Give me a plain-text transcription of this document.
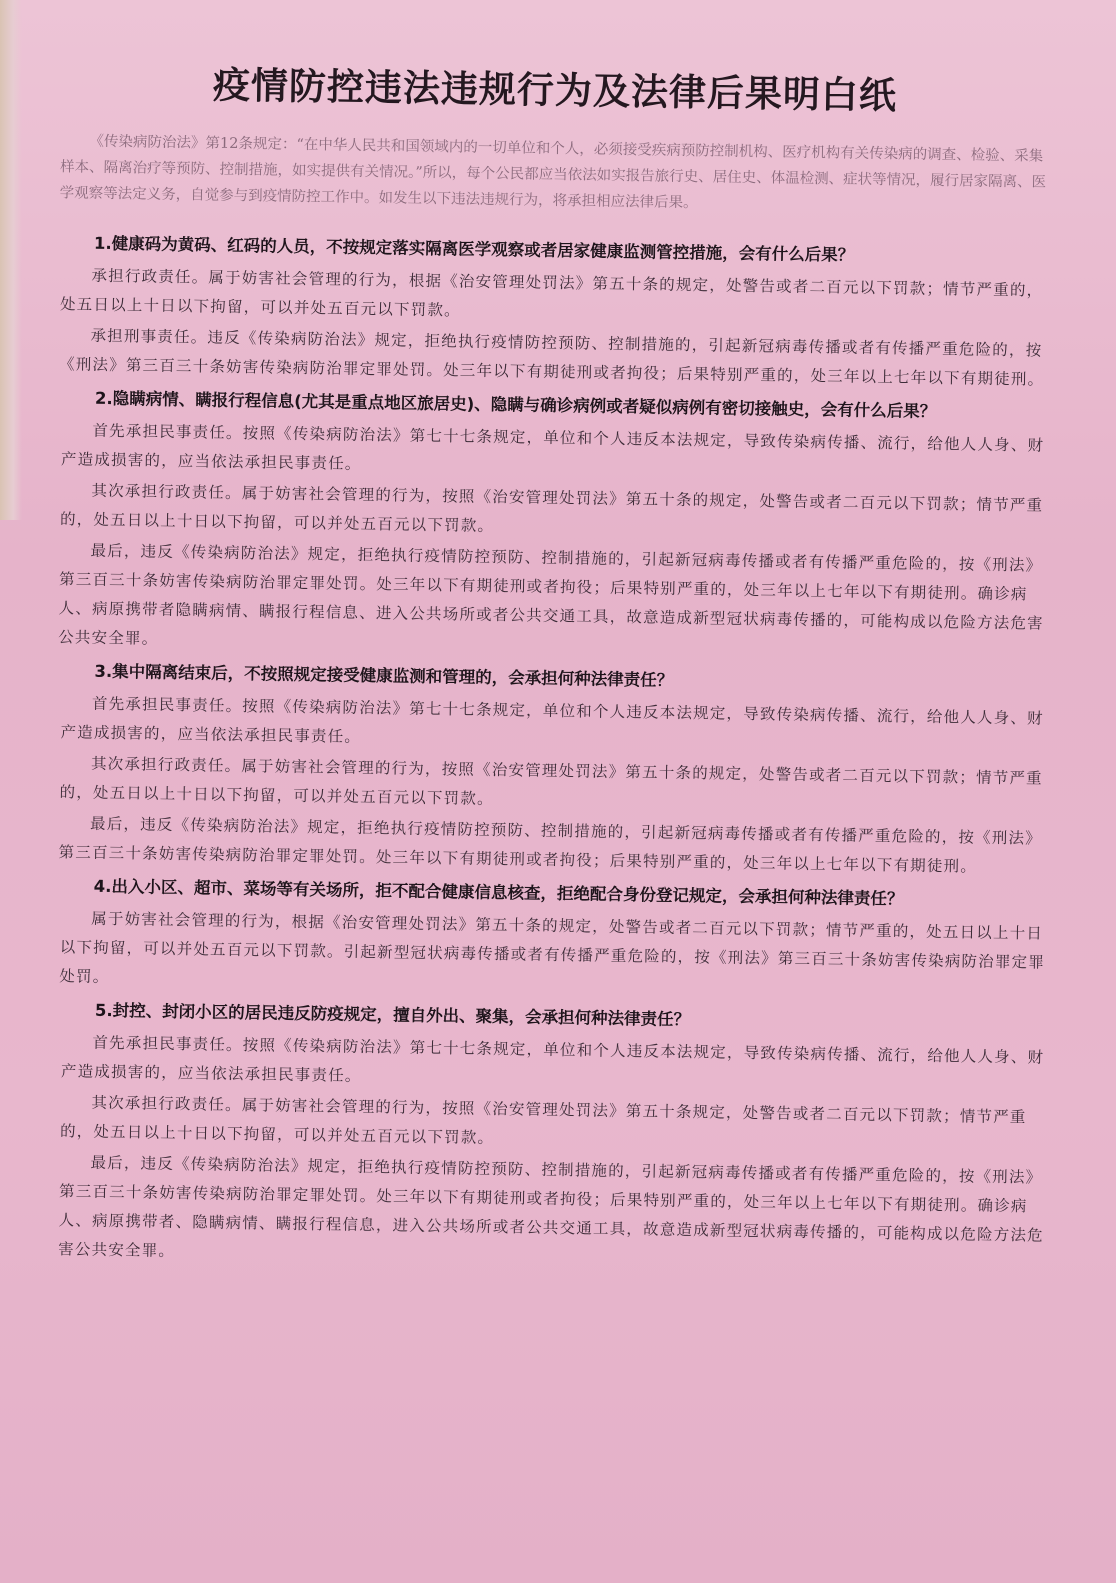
疫情防控违法违规行为及法律后果明白纸

《传染病防治法》第12条规定：“在中华人民共和国领域内的一切单位和个人，必须接受疾病预防控制机构、医疗机构有关传染病的调查、检验、采集样本、隔离治疗等预防、控制措施，如实提供有关情况。”所以，每个公民都应当依法如实报告旅行史、居住史、体温检测、症状等情况，履行居家隔离、医学观察等法定义务，自觉参与到疫情防控工作中。如发生以下违法违规行为，将承担相应法律后果。

1.健康码为黄码、红码的人员，不按规定落实隔离医学观察或者居家健康监测管控措施，会有什么后果？

承担行政责任。属于妨害社会管理的行为，根据《治安管理处罚法》第五十条的规定，处警告或者二百元以下罚款；情节严重的，处五日以上十日以下拘留，可以并处五百元以下罚款。

承担刑事责任。违反《传染病防治法》规定，拒绝执行疫情防控预防、控制措施的，引起新冠病毒传播或者有传播严重危险的，按《刑法》第三百三十条妨害传染病防治罪定罪处罚。处三年以下有期徒刑或者拘役；后果特别严重的，处三年以上七年以下有期徒刑。

2.隐瞒病情、瞒报行程信息(尤其是重点地区旅居史)、隐瞒与确诊病例或者疑似病例有密切接触史，会有什么后果？

首先承担民事责任。按照《传染病防治法》第七十七条规定，单位和个人违反本法规定，导致传染病传播、流行，给他人人身、财产造成损害的，应当依法承担民事责任。

其次承担行政责任。属于妨害社会管理的行为，按照《治安管理处罚法》第五十条的规定，处警告或者二百元以下罚款；情节严重的，处五日以上十日以下拘留，可以并处五百元以下罚款。

最后，违反《传染病防治法》规定，拒绝执行疫情防控预防、控制措施的，引起新冠病毒传播或者有传播严重危险的，按《刑法》第三百三十条妨害传染病防治罪定罪处罚。处三年以下有期徒刑或者拘役；后果特别严重的，处三年以上七年以下有期徒刑。确诊病人、病原携带者隐瞒病情、瞒报行程信息、进入公共场所或者公共交通工具，故意造成新型冠状病毒传播的，可能构成以危险方法危害公共安全罪。

3.集中隔离结束后，不按照规定接受健康监测和管理的，会承担何种法律责任？

首先承担民事责任。按照《传染病防治法》第七十七条规定，单位和个人违反本法规定，导致传染病传播、流行，给他人人身、财产造成损害的，应当依法承担民事责任。

其次承担行政责任。属于妨害社会管理的行为，按照《治安管理处罚法》第五十条的规定，处警告或者二百元以下罚款；情节严重的，处五日以上十日以下拘留，可以并处五百元以下罚款。

最后，违反《传染病防治法》规定，拒绝执行疫情防控预防、控制措施的，引起新冠病毒传播或者有传播严重危险的，按《刑法》第三百三十条妨害传染病防治罪定罪处罚。处三年以下有期徒刑或者拘役；后果特别严重的，处三年以上七年以下有期徒刑。

4.出入小区、超市、菜场等有关场所，拒不配合健康信息核查，拒绝配合身份登记规定，会承担何种法律责任？

属于妨害社会管理的行为，根据《治安管理处罚法》第五十条的规定，处警告或者二百元以下罚款；情节严重的，处五日以上十日以下拘留，可以并处五百元以下罚款。引起新型冠状病毒传播或者有传播严重危险的，按《刑法》第三百三十条妨害传染病防治罪定罪处罚。

5.封控、封闭小区的居民违反防疫规定，擅自外出、聚集，会承担何种法律责任？

首先承担民事责任。按照《传染病防治法》第七十七条规定，单位和个人违反本法规定，导致传染病传播、流行，给他人人身、财产造成损害的，应当依法承担民事责任。

其次承担行政责任。属于妨害社会管理的行为，按照《治安管理处罚法》第五十条规定，处警告或者二百元以下罚款；情节严重的，处五日以上十日以下拘留，可以并处五百元以下罚款。

最后，违反《传染病防治法》规定，拒绝执行疫情防控预防、控制措施的，引起新冠病毒传播或者有传播严重危险的，按《刑法》第三百三十条妨害传染病防治罪定罪处罚。处三年以下有期徒刑或者拘役；后果特别严重的，处三年以上七年以下有期徒刑。确诊病人、病原携带者、隐瞒病情、瞒报行程信息，进入公共场所或者公共交通工具，故意造成新型冠状病毒传播的，可能构成以危险方法危害公共安全罪。
